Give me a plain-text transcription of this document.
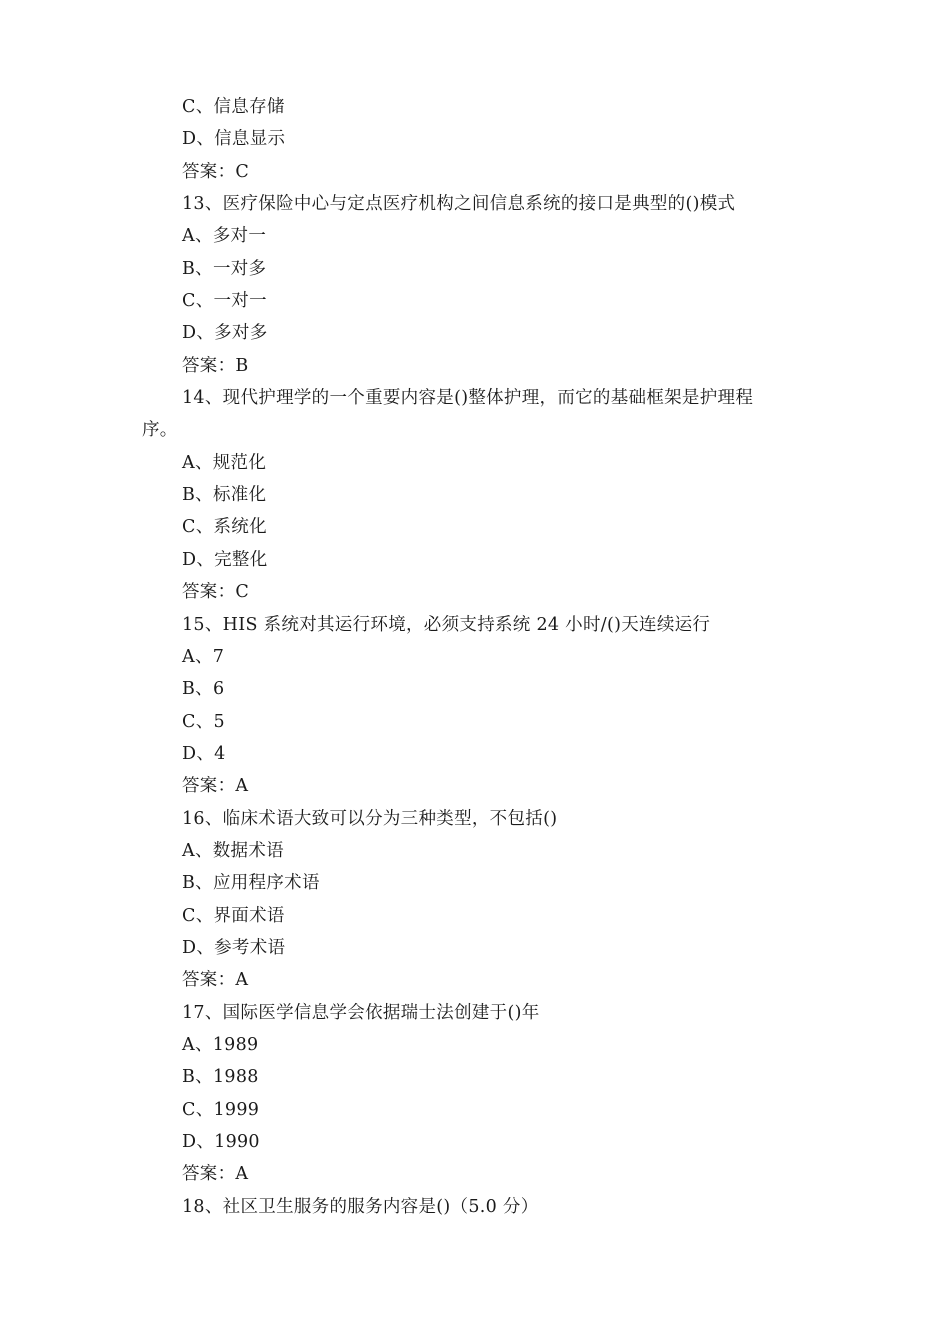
C、信息存储
D、信息显示
答案：C
13、医疗保险中心与定点医疗机构之间信息系统的接口是典型的()模式
A、多对一
B、一对多
C、一对一
D、多对多
答案：B
14、现代护理学的一个重要内容是()整体护理，而它的基础框架是护理程
序。
A、规范化
B、标准化
C、系统化
D、完整化
答案：C
15、HIS 系统对其运行环境，必须支持系统 24 小时/()天连续运行
A、7
B、6
C、5
D、4
答案：A
16、临床术语大致可以分为三种类型，不包括()
A、数据术语
B、应用程序术语
C、界面术语
D、参考术语
答案：A
17、国际医学信息学会依据瑞士法创建于()年
A、1989
B、1988
C、1999
D、1990
答案：A
18、社区卫生服务的服务内容是()（5.0 分）
